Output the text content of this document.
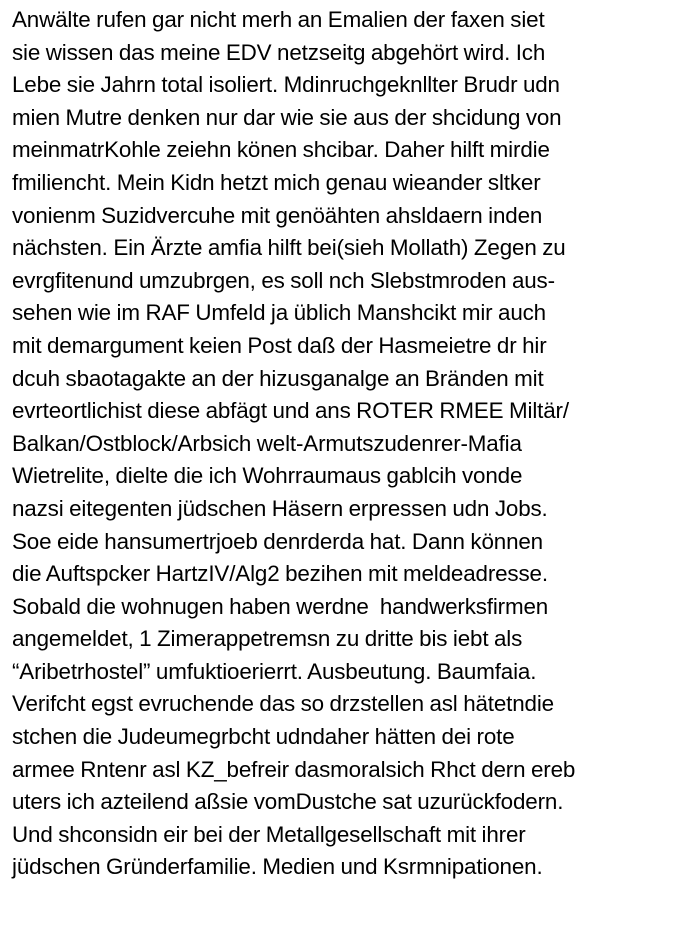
Anwälte rufen gar nicht merh an Emalien der faxen siet
sie wissen das meine EDV netzseitg abgehört wird. Ich
Lebe sie Jahrn total isoliert. Mdinruchgeknllter Brudr udn
mien Mutre denken nur dar wie sie aus der shcidung von
meinmatrKohle zeiehn könen shcibar. Daher hilft mirdie
fmiliencht. Mein Kidn hetzt mich genau wieander sltker
vonienm Suzidvercuhe mit genöähten ahsldaern inden
nächsten. Ein Ärzte amfia hilft bei(sieh Mollath) Zegen zu
evrgfitenund umzubrgen, es soll nch Slebstmroden aus-
sehen wie im RAF Umfeld ja üblich Manshcikt mir auch
mit demargument keien Post daß der Hasmeietre dr hir
dcuh sbaotagakte an der hizusganalge an Bränden mit
evrteortlichist diese abfägt und ans ROTER RMEE Miltär/
Balkan/Ostblock/Arbsich welt-Armutszudenrer-Mafia
Wietrelite, dielte die ich Wohrraumaus gablcih vonde
nazsi eitegenten jüdschen Häsern erpressen udn Jobs.
Soe eide hansumertrjoeb denrderda hat. Dann können
die Auftspcker HartzIV/Alg2 bezihen mit meldeadresse.
Sobald die wohnugen haben werdne  handwerksfirmen
angemeldet, 1 Zimerappetremsn zu dritte bis iebt als
“Aribetrhostel” umfuktioerierrt. Ausbeutung. Baumfaia.
Verifcht egst evruchende das so drzstellen asl hätetndie
stchen die Judeumegrbcht udndaher hätten dei rote
armee Rntenr asl KZ_befreir dasmoralsich Rhct dern ereb
uters ich azteilend aßsie vomDustche sat uzurückfodern.
Und shconsidn eir bei der Metallgesellschaft mit ihrer
jüdschen Gründerfamilie. Medien und Ksrmnipationen.
